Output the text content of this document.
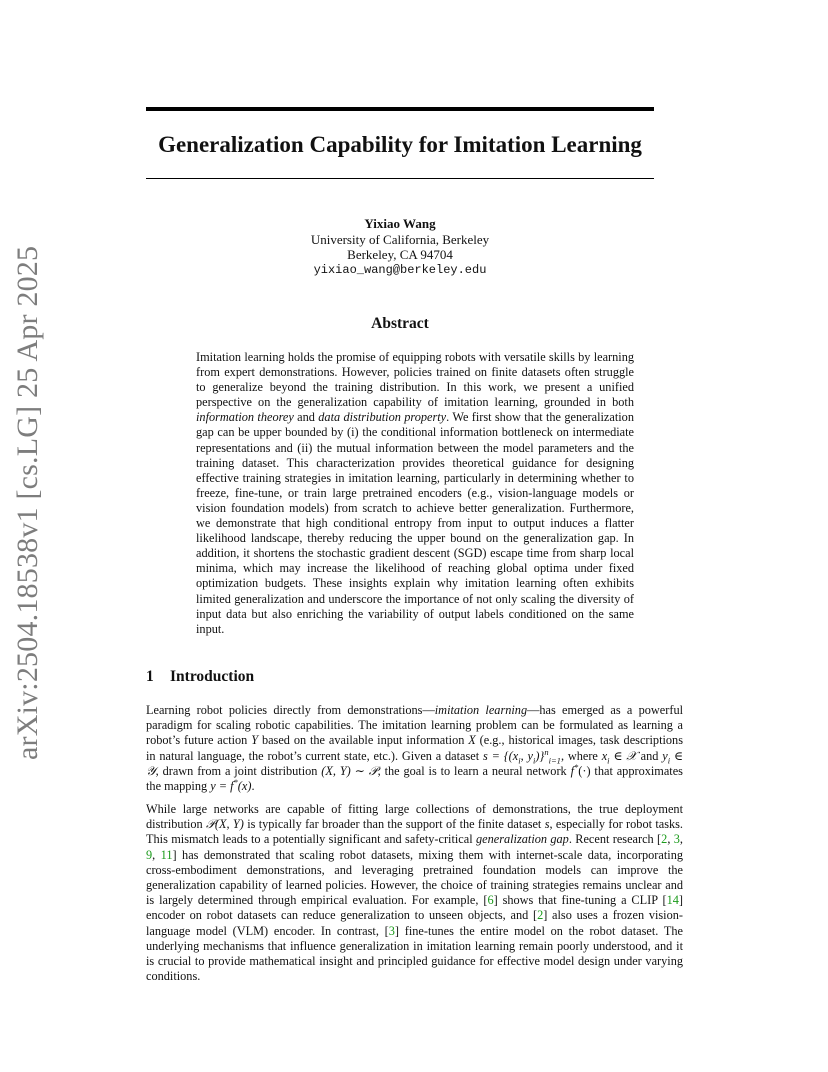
arXiv:2504.18538v1 [cs.LG] 25 Apr 2025
Generalization Capability for Imitation Learning
Yixiao Wang
University of California, Berkeley
Berkeley, CA 94704
yixiao_wang@berkeley.edu
Abstract
Imitation learning holds the promise of equipping robots with versatile skills by learning from expert demonstrations. However, policies trained on finite datasets often struggle to generalize beyond the training distribution. In this work, we present a unified perspective on the generalization capability of imitation learning, grounded in both information theorey and data distribution property. We first show that the generalization gap can be upper bounded by (i) the conditional information bottleneck on intermediate representations and (ii) the mutual information between the model parameters and the training dataset. This characterization provides theoretical guidance for designing effective training strategies in imitation learning, particularly in determining whether to freeze, fine-tune, or train large pretrained encoders (e.g., vision-language models or vision foundation models) from scratch to achieve better generalization. Furthermore, we demonstrate that high conditional entropy from input to output induces a flatter likelihood landscape, thereby reducing the upper bound on the generalization gap. In addition, it shortens the stochastic gradient descent (SGD) escape time from sharp local minima, which may increase the likelihood of reaching global optima under fixed optimization budgets. These insights explain why imitation learning often exhibits limited generalization and underscore the importance of not only scaling the diversity of input data but also enriching the variability of output labels conditioned on the same input.
1 Introduction
Learning robot policies directly from demonstrations—imitation learning—has emerged as a powerful paradigm for scaling robotic capabilities. The imitation learning problem can be formulated as learning a robot’s future action Y based on the available input information X (e.g., historical images, task descriptions in natural language, the robot’s current state, etc.). Given a dataset $s = \{(x_i$, $y_i)\}^n_{i=1}$, where $x_i$ ∈ 𝒳 and $y_i$ ∈ 𝒴, drawn from a joint distribution (X, Y) ∼ 𝒫, the goal is to learn a neural network f*(·) that approximates the mapping y = f*(x).
While large networks are capable of fitting large collections of demonstrations, the true deployment distribution 𝒫(X, Y) is typically far broader than the support of the finite dataset s, especially for robot tasks. This mismatch leads to a potentially significant and safety-critical generalization gap. Recent research [2, 3, 9, 11] has demonstrated that scaling robot datasets, mixing them with internet-scale data, incorporating cross-embodiment demonstrations, and leveraging pretrained foundation models can improve the generalization capability of learned policies. However, the choice of training strategies remains unclear and is largely determined through empirical evaluation. For example, [6] shows that fine-tuning a CLIP [14] encoder on robot datasets can reduce generalization to unseen objects, and [2] also uses a frozen vision-language model (VLM) encoder. In contrast, [3] fine-tunes the entire model on the robot dataset. The underlying mechanisms that influence generalization in imitation learning remain poorly understood, and it is crucial to provide mathematical insight and principled guidance for effective model design under varying conditions.
